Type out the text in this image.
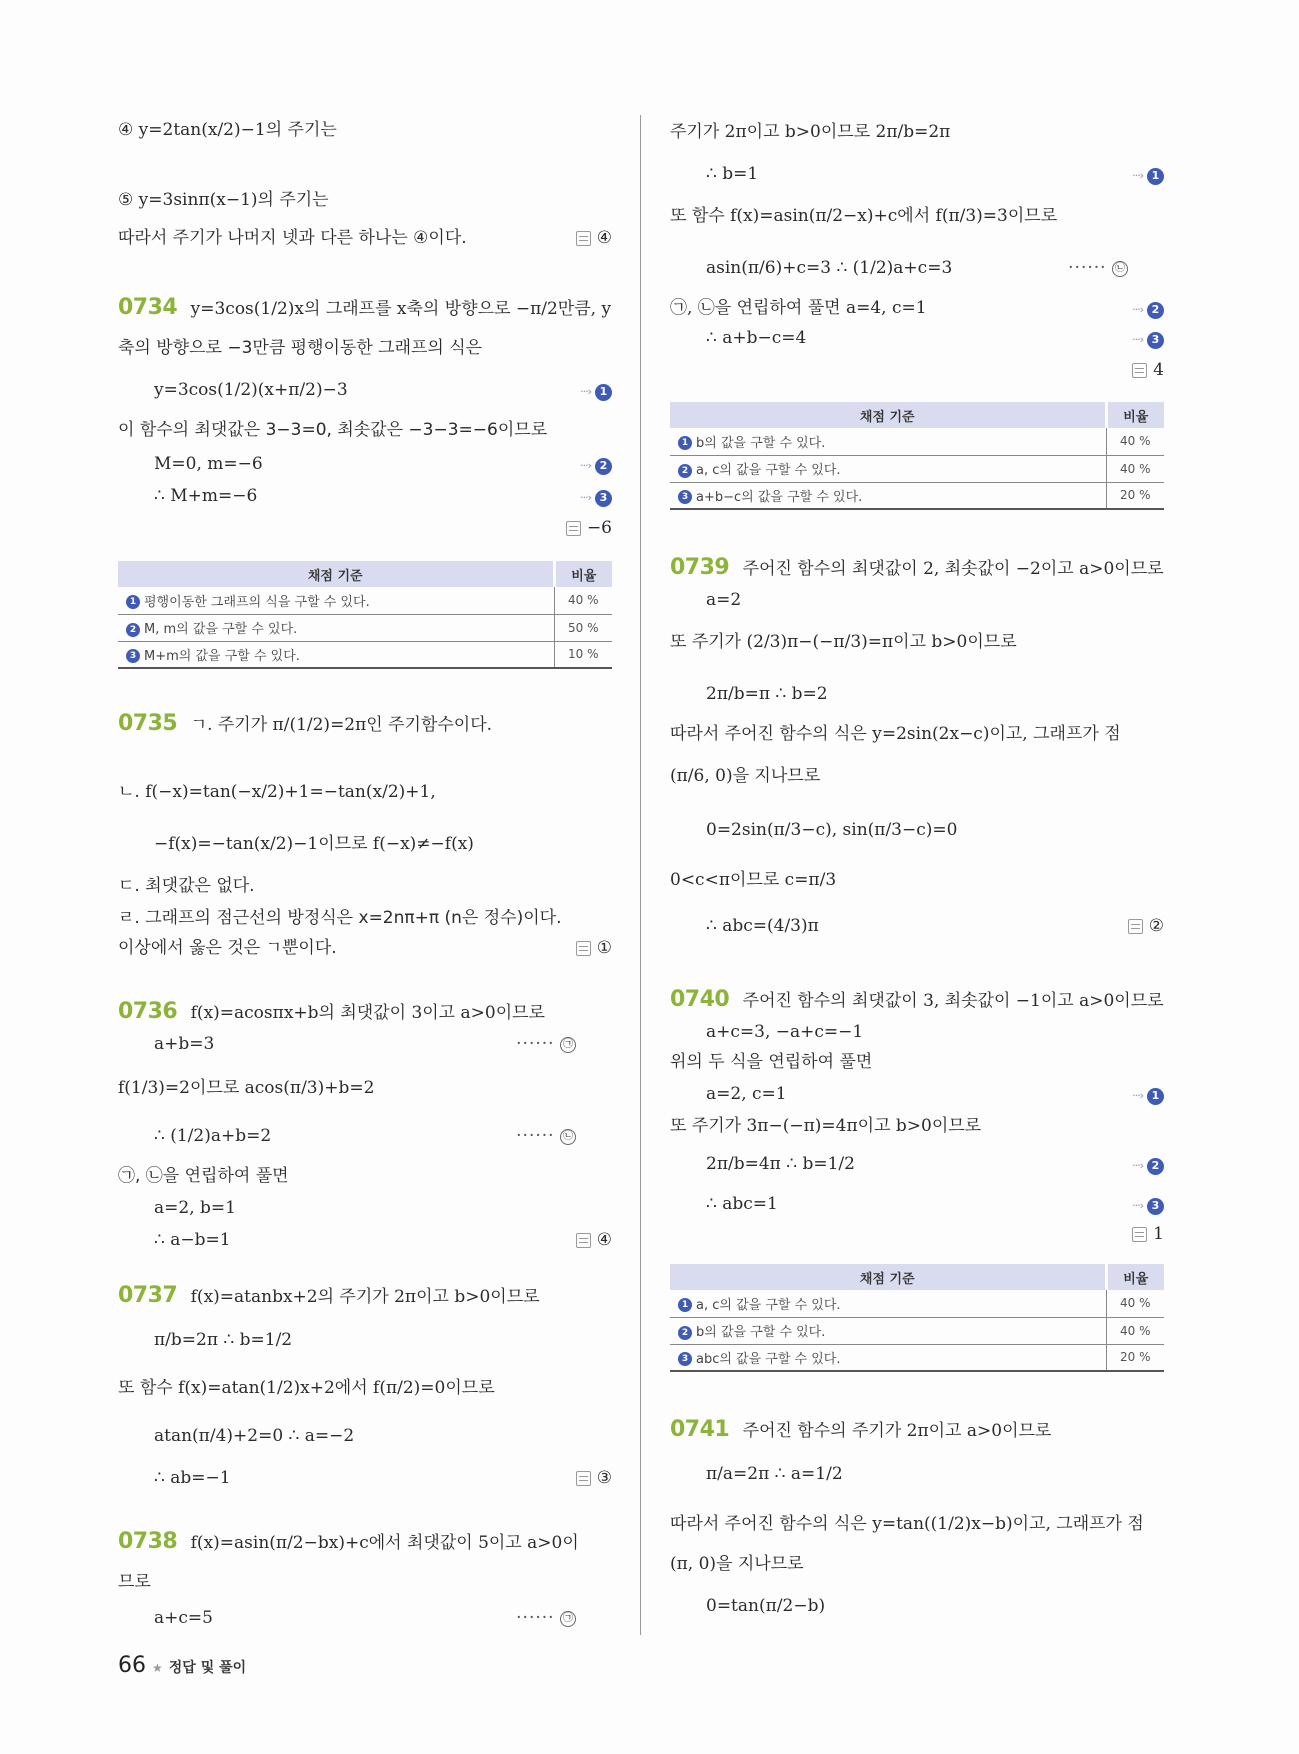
④ y=2tan(x/2)−1의 주기는
⑤ y=3sinπ(x−1)의 주기는
따라서 주기가 나머지 넷과 다른 하나는 ④이다.	④
0734 y=3cos(1/2)x의 그래프를 x축의 방향으로 −π/2만큼, y
축의 방향으로 −3만큼 평행이동한 그래프의 식은
y=3cos(1/2)(x+π/2)−3	···› 1
이 함수의 최댓값은 3−3=0, 최솟값은 −3−3=−6이므로
M=0, m=−6	···› 2
∴ M+m=−6	···› 3
−6
채점 기준	비율
1 평행이동한 그래프의 식을 구할 수 있다.	40 %
2 M, m의 값을 구할 수 있다.	50 %
3 M+m의 값을 구할 수 있다.	10 %
0735 ㄱ. 주기가 π/(1/2)=2π인 주기함수이다.
ㄴ. f(−x)=tan(−x/2)+1=−tan(x/2)+1,
−f(x)=−tan(x/2)−1이므로 f(−x)≠−f(x)
ㄷ. 최댓값은 없다.
ㄹ. 그래프의 점근선의 방정식은 x=2nπ+π (n은 정수)이다.
이상에서 옳은 것은 ㄱ뿐이다.	①
0736 f(x)=acosπx+b의 최댓값이 3이고 a>0이므로
a+b=3	······ ㉠
f(1/3)=2이므로 acos(π/3)+b=2
∴ (1/2)a+b=2	······ ㉡
㉠, ㉡을 연립하여 풀면
a=2, b=1
∴ a−b=1	④
0737 f(x)=atanbx+2의 주기가 2π이고 b>0이므로
π/b=2π ∴ b=1/2
또 함수 f(x)=atan(1/2)x+2에서 f(π/2)=0이므로
atan(π/4)+2=0 ∴ a=−2
∴ ab=−1	③
0738 f(x)=asin(π/2−bx)+c에서 최댓값이 5이고 a>0이
므로
a+c=5	······ ㉠
주기가 2π이고 b>0이므로 2π/b=2π
∴ b=1	···› 1
또 함수 f(x)=asin(π/2−x)+c에서 f(π/3)=3이므로
asin(π/6)+c=3 ∴ (1/2)a+c=3	······ ㉡
㉠, ㉡을 연립하여 풀면 a=4, c=1	···› 2
∴ a+b−c=4	···› 3
4
채점 기준	비율
1 b의 값을 구할 수 있다.	40 %
2 a, c의 값을 구할 수 있다.	40 %
3 a+b−c의 값을 구할 수 있다.	20 %
0739 주어진 함수의 최댓값이 2, 최솟값이 −2이고 a>0이므로
a=2
또 주기가 (2/3)π−(−π/3)=π이고 b>0이므로
2π/b=π ∴ b=2
따라서 주어진 함수의 식은 y=2sin(2x−c)이고, 그래프가 점
(π/6, 0)을 지나므로
0=2sin(π/3−c), sin(π/3−c)=0
0<c<π이므로 c=π/3
∴ abc=(4/3)π	②
0740 주어진 함수의 최댓값이 3, 최솟값이 −1이고 a>0이므로
a+c=3, −a+c=−1
위의 두 식을 연립하여 풀면
a=2, c=1	···› 1
또 주기가 3π−(−π)=4π이고 b>0이므로
2π/b=4π ∴ b=1/2	···› 2
∴ abc=1	···› 3
1
채점 기준	비율
1 a, c의 값을 구할 수 있다.	40 %
2 b의 값을 구할 수 있다.	40 %
3 abc의 값을 구할 수 있다.	20 %
0741 주어진 함수의 주기가 2π이고 a>0이므로
π/a=2π ∴ a=1/2
따라서 주어진 함수의 식은 y=tan((1/2)x−b)이고, 그래프가 점
(π, 0)을 지나므로
0=tan(π/2−b)
66 ★ 정답 및 풀이
